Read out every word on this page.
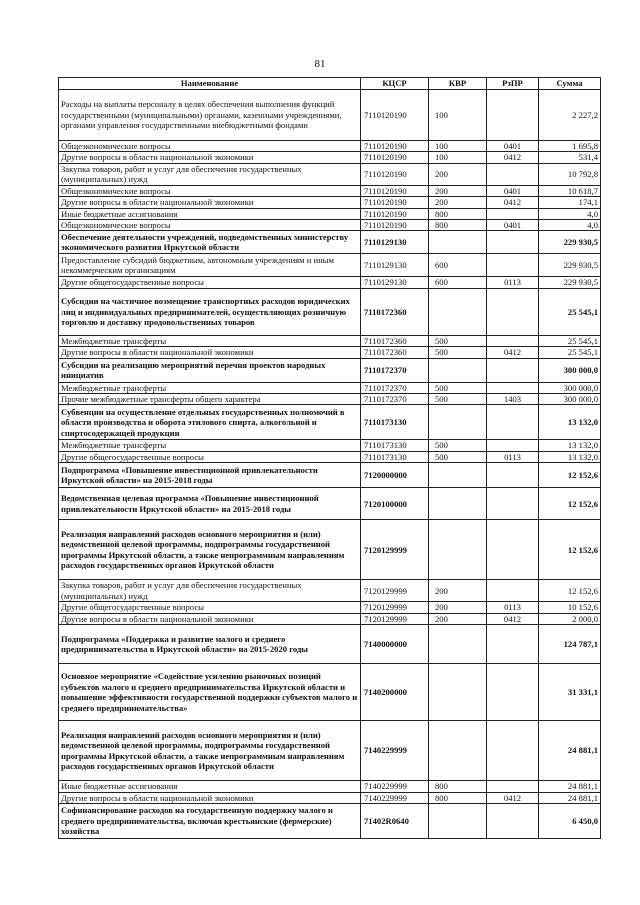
81
Наименование	КЦСР	КВР	РзПР	Сумма
Расходы на выплаты персоналу в целях обеспечения выполнения функций государственными (муниципальными) органами, казенными учреждениями, органами управления государственными внебюджетными фондами	7110120190	100		2 227,2
Общеэкономические вопросы	7110120190	100	0401	1 695,8
Другие вопросы в области национальной экономики	7110120190	100	0412	531,4
Закупка товаров, работ и услуг для обеспечения государственных (муниципальных) нужд	7110120190	200		10 792,8
Общеэкономические вопросы	7110120190	200	0401	10 618,7
Другие вопросы в области национальной экономики	7110120190	200	0412	174,1
Иные бюджетные ассигнования	7110120190	800		4,0
Общеэкономические вопросы	7110120190	800	0401	4,0
Обеспечение деятельности учреждений, подведомственных министерству экономического развития Иркутской области	7110129130			229 930,5
Предоставление субсидий бюджетным, автономным учреждениям и иным некоммерческим организациям	7110129130	600		229 930,5
Другие общегосударственные вопросы	7110129130	600	0113	229 930,5
Субсидии на частичное возмещение транспортных расходов юридических лиц и индивидуальных предпринимателей, осуществляющих розничную торговлю и доставку продовольственных товаров	7110172360			25 545,1
Межбюджетные трансферты	7110172360	500		25 545,1
Другие вопросы в области национальной экономики	7110172360	500	0412	25 545,1
Субсидии на реализацию мероприятий перечня проектов народных инициатив	7110172370			300 000,0
Межбюджетные трансферты	7110172370	500		300 000,0
Прочие межбюджетные трансферты общего характера	7110172370	500	1403	300 000,0
Субвенции на осуществление отдельных государственных полномочий в области производства и оборота этилового спирта, алкогольной и спиртосодержащей продукции	7110173130			13 132,0
Межбюджетные трансферты	7110173130	500		13 132,0
Другие общегосударственные вопросы	7110173130	500	0113	13 132,0
Подпрограмма «Повышение инвестиционной привлекательности Иркутской области» на 2015-2018 годы	7120000000			12 152,6
Ведомственная целевая программа «Повышение инвестиционной привлекательности Иркутской области» на 2015-2018 годы	7120100000			12 152,6
Реализация направлений расходов основного мероприятия и (или) ведомственной целевой программы, подпрограммы государственной программы Иркутской области, а также непрограммным направлениям расходов государственных органов Иркутской области	7120129999			12 152,6
Закупка товаров, работ и услуг для обеспечения государственных (муниципальных) нужд	7120129999	200		12 152,6
Другие общегосударственные вопросы	7120129999	200	0113	10 152,6
Другие вопросы в области национальной экономики	7120129999	200	0412	2 000,0
Подпрограмма «Поддержка и развитие малого и среднего предпринимательства в Иркутской области» на 2015-2020 годы	7140000000			124 787,1
Основное мероприятие «Содействие усилению рыночных позиций субъектов малого и среднего предпринимательства Иркутской области и повышение эффективности государственной поддержки субъектов малого и среднего предпринимательства»	7140200000			31 331,1
Реализация направлений расходов основного мероприятия и (или) ведомственной целевой программы, подпрограммы государственной программы Иркутской области, а также непрограммным направлениям расходов государственных органов Иркутской области	7140229999			24 881,1
Иные бюджетные ассигнования	7140229999	800		24 881,1
Другие вопросы в области национальной экономики	7140229999	800	0412	24 881,1
Софинансирование расходов на государственную поддержку малого и среднего предпринимательства, включая крестьянские (фермерские) хозяйства	71402R0640			6 450,0
